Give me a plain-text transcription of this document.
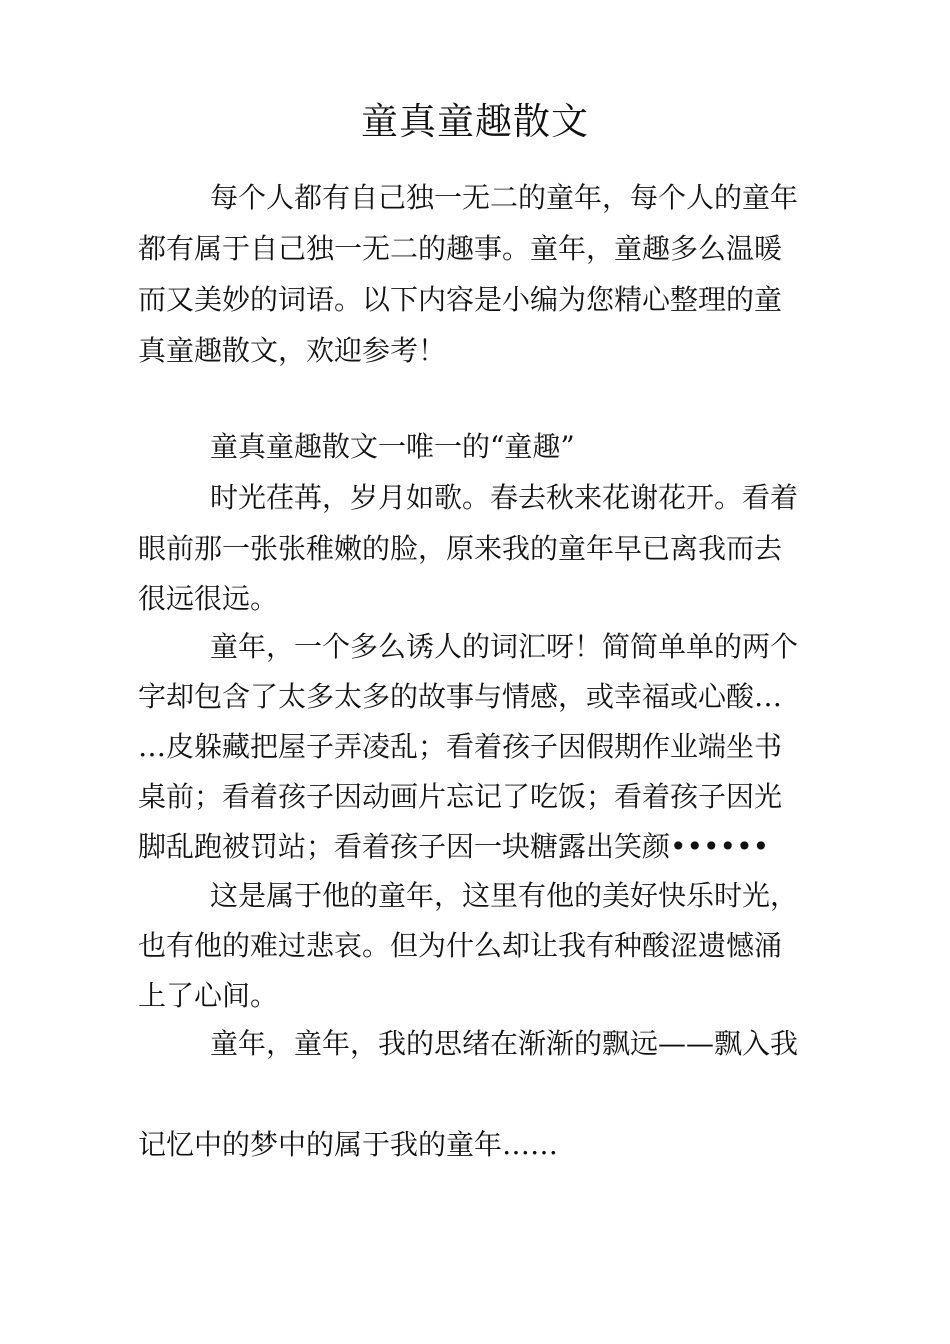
童真童趣散文
每个人都有自己独一无二的童年，每个人的童年
都有属于自己独一无二的趣事。童年，童趣多么温暖
而又美妙的词语。以下内容是小编为您精心整理的童
真童趣散文，欢迎参考！
童真童趣散文一唯一的“童趣”
时光荏苒，岁月如歌。春去秋来花谢花开。看着
眼前那一张张稚嫩的脸，原来我的童年早已离我而去
很远很远。
童年，一个多么诱人的词汇呀！简简单单的两个
字却包含了太多太多的故事与情感，或幸福或心酸…
…皮躲藏把屋子弄凌乱；看着孩子因假期作业端坐书
桌前；看着孩子因动画片忘记了吃饭；看着孩子因光
脚乱跑被罚站；看着孩子因一块糖露出笑颜••••••
这是属于他的童年，这里有他的美好快乐时光，
也有他的难过悲哀。但为什么却让我有种酸涩遗憾涌
上了心间。
童年，童年，我的思绪在渐渐的飘远——飘入我
记忆中的梦中的属于我的童年……
